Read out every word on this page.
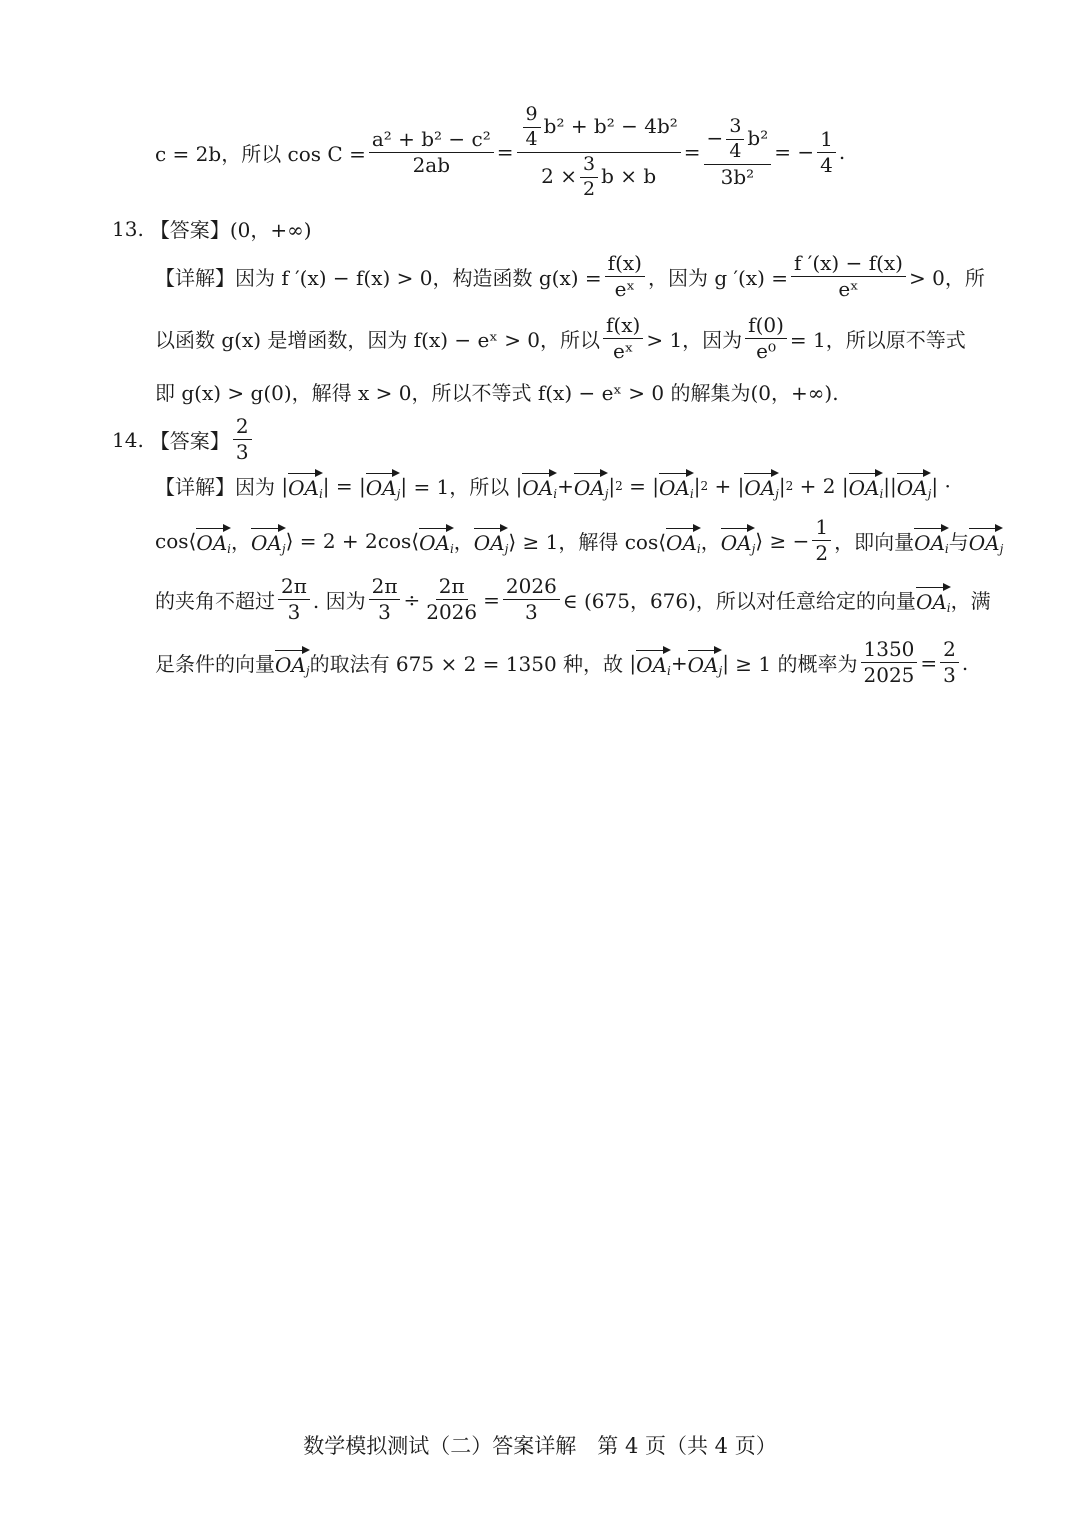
c = 2b，所以 $\cos C = \frac{\text{a² + b² − c²}}{2ab} = \frac{\frac{9}{4} b^2 + b^2 - 4b^2}{2 \times \frac{3}{2} b \times b} = \frac{- \frac{3}{4} b^2}{\text{3b²}}$ = − $\frac{1}{4}$ .
13. 【答案】 (0，+∞)
【详解】 因为 f ′(x) − f(x) > 0，构造函数 $g(x) = \frac{f(x)}{\text{eˣ}}$ ，因为 g $'(x) = \frac{f '(x) - f(x)}{\text{eˣ}} > 0$，所
以函数 g(x) 是增函数，因为 f(x) − eˣ > 0，所以 $\frac{f(x)}{\text{eˣ}} > 1$，因为 $\frac{f(0)}{\text{e⁰}} = 1$，所以原不等式
即 g(x) > g(0)，解得 x > 0，所以不等式 f(x) − eˣ > 0 的解集为(0，+∞).
14. 【答案】 $\frac{2}{3}$
【详解】 因为 | $OA_i$ | = | $OA_j$ | = 1，所以 | $OA_i + OA_j$ | 2 = | $OA_i$ | 2 + | $OA_j$ | 2
+ 2 | $OA_i$ || $OA_j$ | ·
cos⟨ $OA_i$ ， $OA_j$ ⟩ = 2 + 2cos⟨ $OA_i$ ， $OA_j$ ⟩ ≥ 1，解得 cos⟨ $OA_i$ ， $OA_j$ ⟩ ≥ − $\frac{1}{2}$ ，即向量 $OA_i$ 与 $OA_j$
的夹角不超过 $\frac{2\pi}{3}$ . 因为 $\frac{2\pi}{3} \div \frac{2\pi}{2026} = \frac{2026}{3}$ ∈ (675，676)，所以对任意给定的向量 $OA_i$ ，满
足条件的向量 $OA_j$ 的取法有 675 × 2 = 1350 种，故 | $OA_i + OA_j$ | ≥ 1 的概率为 $\frac{1350}{2025} = \frac{2}{3}$ .
数学模拟测试（二）答案详解　第 4 页（共 4 页）
